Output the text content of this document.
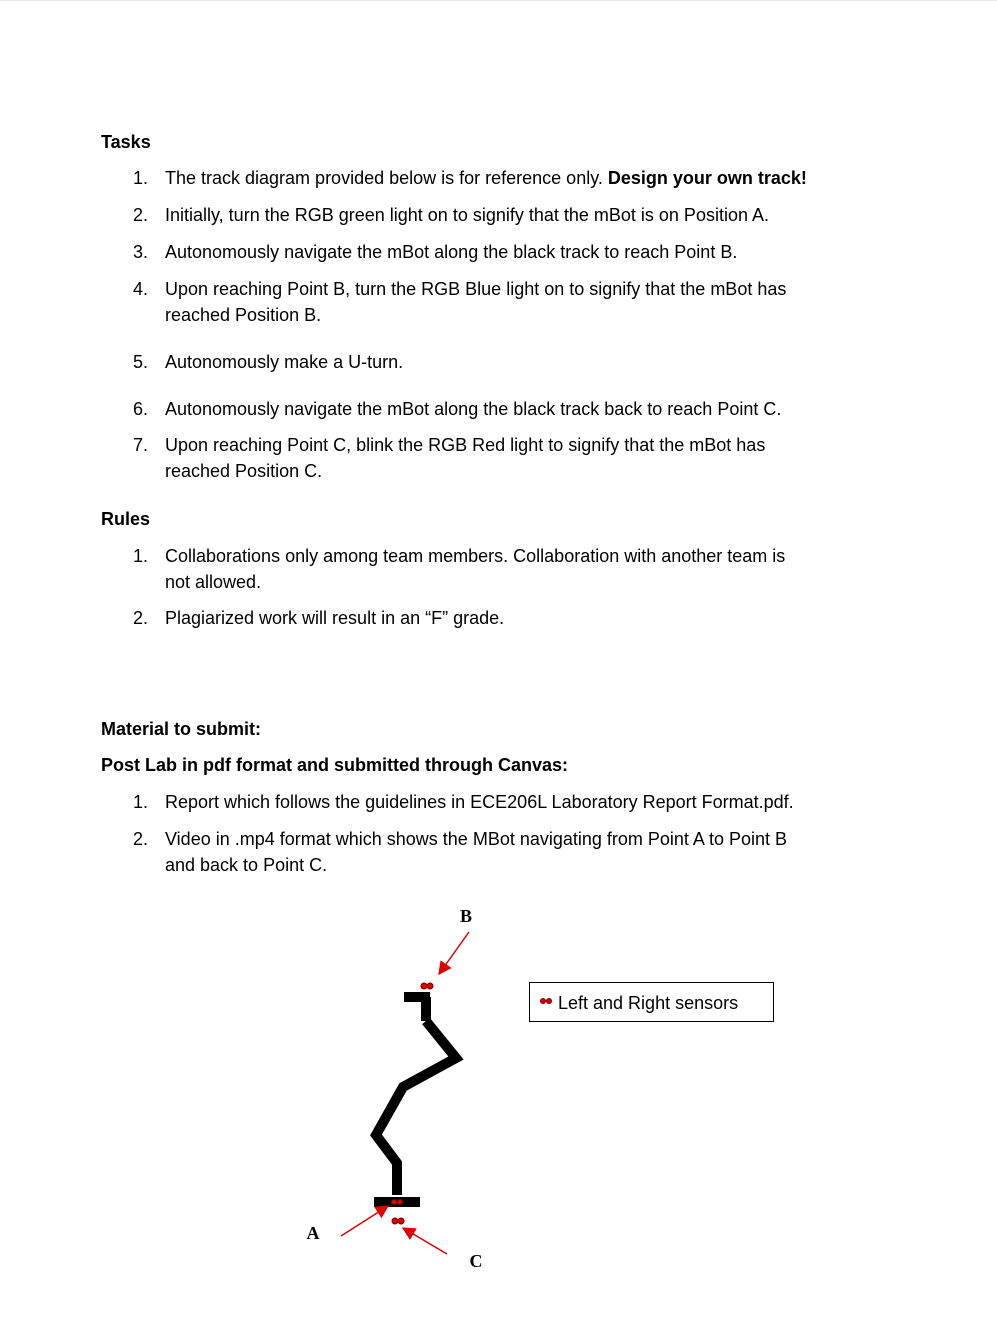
Tasks
1. The track diagram provided below is for reference only. Design your own track!
2. Initially, turn the RGB green light on to signify that the mBot is on Position A.
3. Autonomously navigate the mBot along the black track to reach Point B.
4. Upon reaching Point B, turn the RGB Blue light on to signify that the mBot has
reached Position B.
5. Autonomously make a U-turn.
6. Autonomously navigate the mBot along the black track back to reach Point C.
7. Upon reaching Point C, blink the RGB Red light to signify that the mBot has
reached Position C.
Rules
1. Collaborations only among team members. Collaboration with another team is
not allowed.
2. Plagiarized work will result in an “F” grade.
Material to submit:
Post Lab in pdf format and submitted through Canvas:
1. Report which follows the guidelines in ECE206L Laboratory Report Format.pdf.
2. Video in .mp4 format which shows the MBot navigating from Point A to Point B
and back to Point C.
B
A
C
Left and Right sensors
